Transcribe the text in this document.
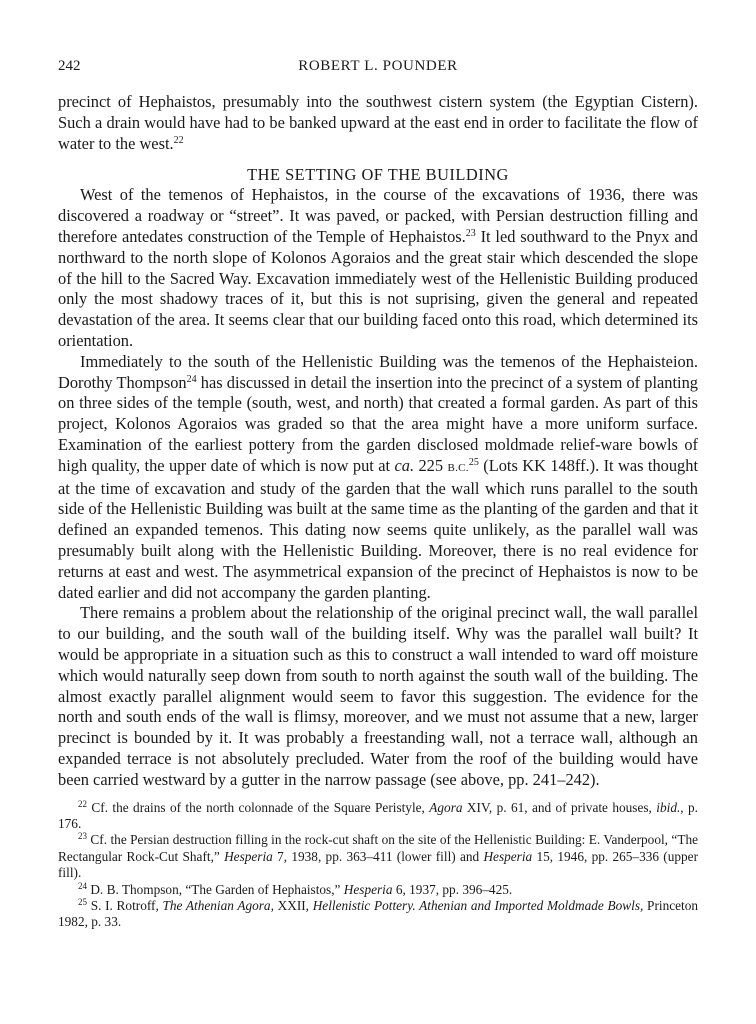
242	ROBERT L. POUNDER

precinct of Hephaistos, presumably into the southwest cistern system (the Egyptian Cistern). Such a drain would have had to be banked upward at the east end in order to facilitate the flow of water to the west.$^{22}$

THE SETTING OF THE BUILDING

West of the temenos of Hephaistos, in the course of the excavations of 1936, there was discovered a roadway or “street”. It was paved, or packed, with Persian destruction filling and therefore antedates construction of the Temple of Hephaistos.$^{23}$ It led southward to the Pnyx and northward to the north slope of Kolonos Agoraios and the great stair which descended the slope of the hill to the Sacred Way. Excavation immediately west of the Hellenistic Building produced only the most shadowy traces of it, but this is not suprising, given the general and repeated devastation of the area. It seems clear that our building faced onto this road, which determined its orientation.

Immediately to the south of the Hellenistic Building was the temenos of the Hephaisteion. Dorothy Thompson$^{24}$ has discussed in detail the insertion into the precinct of a system of planting on three sides of the temple (south, west, and north) that created a formal garden. As part of this project, Kolonos Agoraios was graded so that the area might have a more uniform surface. Examination of the earliest pottery from the garden disclosed moldmade relief-ware bowls of high quality, the upper date of which is now put at ca. 225 B.C.$^{25}$ (Lots KK 148ff.). It was thought at the time of excavation and study of the garden that the wall which runs parallel to the south side of the Hellenistic Building was built at the same time as the planting of the garden and that it defined an expanded temenos. This dating now seems quite unlikely, as the parallel wall was presumably built along with the Hellenistic Building. Moreover, there is no real evidence for returns at east and west. The asymmetrical expansion of the precinct of Hephaistos is now to be dated earlier and did not accompany the garden planting.

There remains a problem about the relationship of the original precinct wall, the wall parallel to our building, and the south wall of the building itself. Why was the parallel wall built? It would be appropriate in a situation such as this to construct a wall intended to ward off moisture which would naturally seep down from south to north against the south wall of the building. The almost exactly parallel alignment would seem to favor this suggestion. The evidence for the north and south ends of the wall is flimsy, moreover, and we must not assume that a new, larger precinct is bounded by it. It was probably a freestanding wall, not a terrace wall, although an expanded terrace is not absolutely precluded. Water from the roof of the building would have been carried westward by a gutter in the narrow passage (see above, pp. 241–242).

$^{22}$ Cf. the drains of the north colonnade of the Square Peristyle, Agora XIV, p. 61, and of private houses, ibid., p. 176.

$^{23}$ Cf. the Persian destruction filling in the rock-cut shaft on the site of the Hellenistic Building: E. Vanderpool, “The Rectangular Rock-Cut Shaft,” Hesperia 7, 1938, pp. 363–411 (lower fill) and Hesperia 15, 1946, pp. 265–336 (upper fill).

$^{24}$ D. B. Thompson, “The Garden of Hephaistos,” Hesperia 6, 1937, pp. 396–425.

$^{25}$ S. I. Rotroff, The Athenian Agora, XXII, Hellenistic Pottery. Athenian and Imported Moldmade Bowls, Princeton 1982, p. 33.
